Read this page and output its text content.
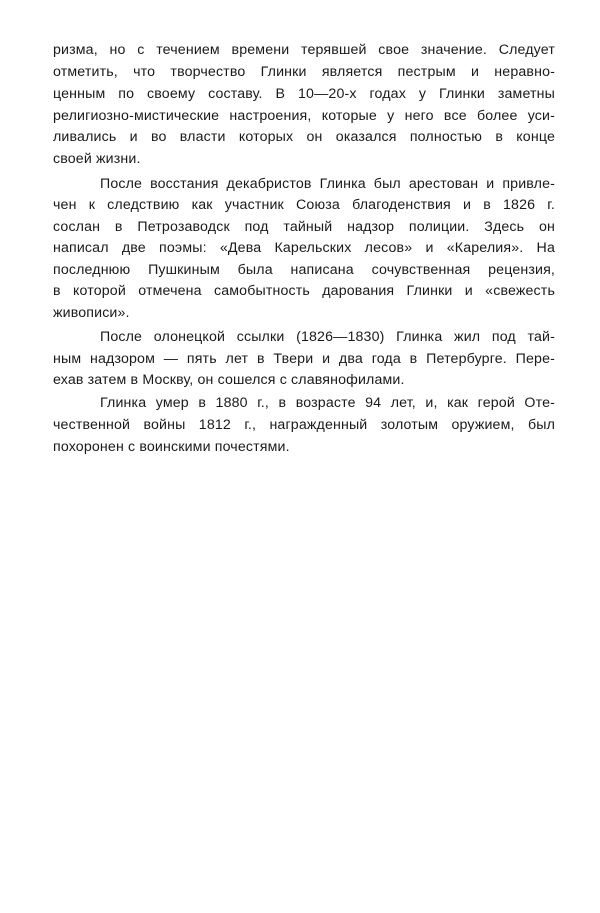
ризма, но с течением времени терявшей свое значение. Следует
отметить, что творчество Глинки является пестрым и неравно-
ценным по своему составу. В 10—20-х годах у Глинки заметны
религиозно-мистические настроения, которые у него все более уси-
ливались и во власти которых он оказался полностью в конце
своей жизни.
После восстания декабристов Глинка был арестован и привле-
чен к следствию как участник Союза благоденствия и в 1826 г.
сослан в Петрозаводск под тайный надзор полиции. Здесь он
написал две поэмы: «Дева Карельских лесов» и «Карелия». На
последнюю Пушкиным была написана сочувственная рецензия,
в которой отмечена самобытность дарования Глинки и «свежесть
живописи».
После олонецкой ссылки (1826—1830) Глинка жил под тай-
ным надзором — пять лет в Твери и два года в Петербурге. Пере-
ехав затем в Москву, он сошелся с славянофилами.
Глинка умер в 1880 г., в возрасте 94 лет, и, как герой Оте-
чественной войны 1812 г., награжденный золотым оружием, был
похоронен с воинскими почестями.
